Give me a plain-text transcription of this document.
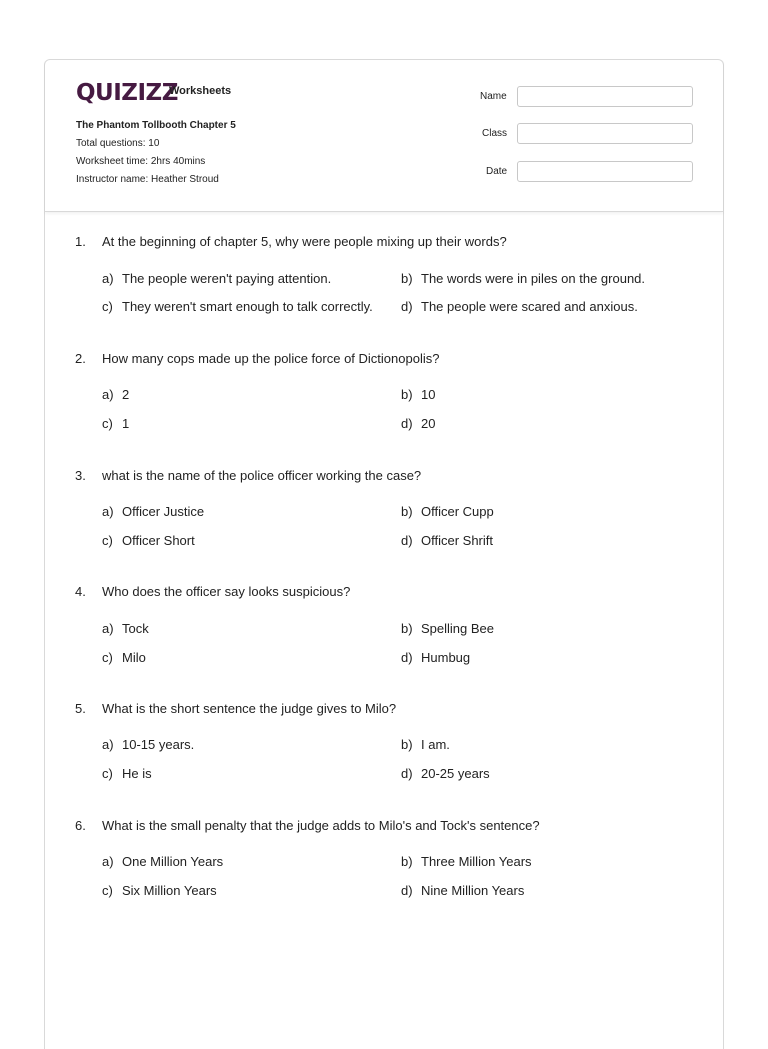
QUIZIZZ
Worksheets
The Phantom Tollbooth Chapter 5
Total questions: 10
Worksheet time: 2hrs 40mins
Instructor name: Heather Stroud
Name
Class
Date
1. At the beginning of chapter 5, why were people mixing up their words?
a) The people weren't paying attention.	b) The words were in piles on the ground.
c) They weren't smart enough to talk correctly. d) The people were scared and anxious.
2. How many cops made up the police force of Dictionopolis?
a) 2	b) 10
c) 1	d) 20
3. what is the name of the police officer working the case?
a) Officer Justice	b) Officer Cupp
c) Officer Short	d) Officer Shrift
4. Who does the officer say looks suspicious?
a) Tock	b) Spelling Bee
c) Milo	d) Humbug
5. What is the short sentence the judge gives to Milo?
a) 10-15 years.	b) I am.
c) He is	d) 20-25 years
6. What is the small penalty that the judge adds to Milo's and Tock's sentence?
a) One Million Years	b) Three Million Years
c) Six Million Years	d) Nine Million Years
